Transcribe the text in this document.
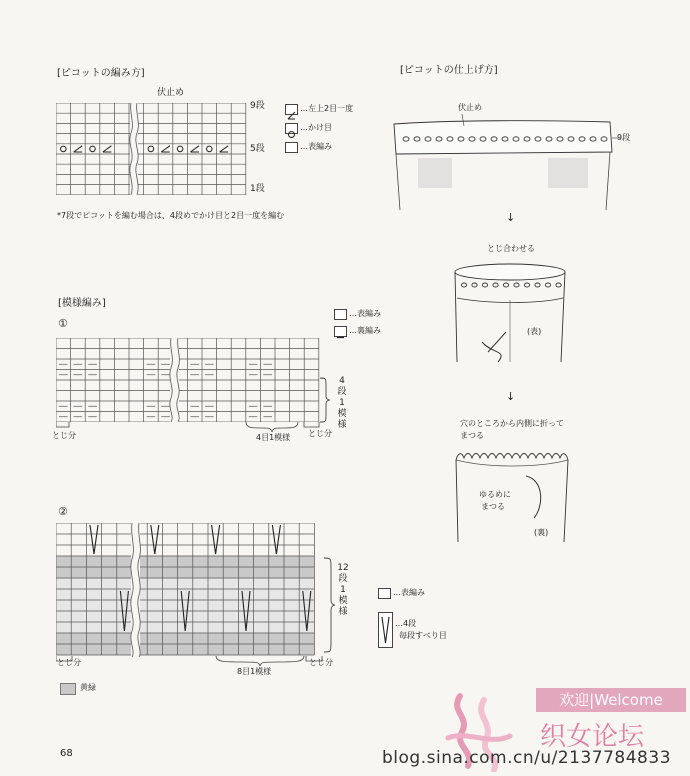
[ピコットの編み方]
伏止め
9段
5段
1段
…左上2目一度
…かけ目
…表編み
*7段でピコットを編む場合は、4段めでかけ目と2目一度を編む
[模様編み]
①
…表編み
…裏編み
4
段
1
模
様
とじ分	4目1模様 とじ分
②
12
段
1
模
様
とじ分
8目1模様
とじ分
…表編み
…4段
毎段すべり目
黄緑
68
[ピコットの仕上げ方]
伏止め
9段
↓
とじ合わせる
(表)
↓
穴のところから内側に折って
まつる
ゆるめに
まつる
(裏)
欢迎|Welcome
织女论坛
blog.sina.com.cn/u/2137784833
